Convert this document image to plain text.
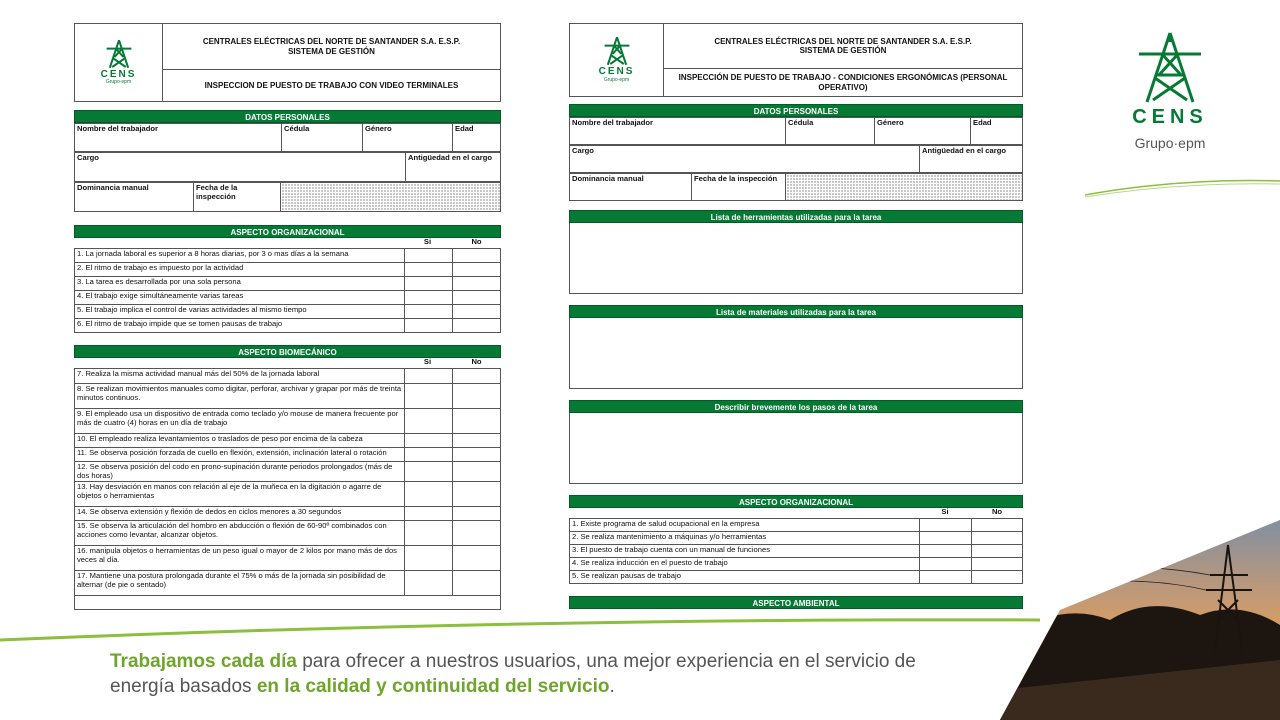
CENS
Grupo·epm
CENS
Grupo·epm

CENTRALES ELÉCTRICAS DEL NORTE DE SANTANDER S.A. E.S.P.
SISTEMA DE GESTIÓN

INSPECCION DE PUESTO DE TRABAJO CON VIDEO TERMINALES
DATOS PERSONALES
Nombre del trabajador	Cédula	Género	Edad
Cargo	Antigüedad en el cargo
Dominancia manual	Fecha de la inspección	
ASPECTO ORGANIZACIONAL
	Si	No
1. La jornada laboral es superior a 8 horas diarias, por 3 o mas días a la semana		
2. El ritmo de trabajo es impuesto por la actividad		
3. La tarea es desarrollada por una sola persona		
4. El trabajo exige simultáneamente varias tareas		
5. El trabajo implica el control de varias actividades al mismo tiempo		
6. El ritmo de trabajo impide que se tomen pausas de trabajo		
ASPECTO BIOMECÁNICO
	Si	No
7. Realiza la misma actividad manual más del 50% de la jornada laboral		
8. Se realizan movimientos manuales como digitar, perforar, archivar y grapar por más de treinta minutos continuos.		
9. El empleado usa un dispositivo de entrada como teclado y/o mouse de manera frecuente por más de cuatro (4) horas en un día de trabajo		
10. El empleado realiza levantamientos o traslados de peso por encima de la cabeza		
11. Se observa posición forzada de cuello en flexión, extensión, inclinación lateral o rotación		
12. Se observa posición del codo en prono-supinación durante periodos prolongados (más de dos horas)		
13. Hay desviación en manos con relación al eje de la muñeca en la digitación o agarre de objetos o herramientas		
14. Se observa extensión y flexión de dedos en ciclos menores a 30 segundos		
15. Se observa la articulación del hombro en abducción o flexión de 60-90º combinados con acciones como levantar, alcanzar objetos.		
16. manipula objetos o herramientas de un peso igual o mayor de 2 kilos por mano más de dos veces al día.		
17. Mantiene una postura prolongada durante el 75% o más de la jornada sin posibilidad de alternar (de pie o sentado)		
CENS
Grupo·epm

CENTRALES ELÉCTRICAS DEL NORTE DE SANTANDER S.A. E.S.P.
SISTEMA DE GESTIÓN

INSPECCIÓN DE PUESTO DE TRABAJO - CONDICIONES ERGONÓMICAS (PERSONAL OPERATIVO)
DATOS PERSONALES
Nombre del trabajador	Cédula	Género	Edad
Cargo	Antigüedad en el cargo
Dominancia manual	Fecha de la inspección	
Lista de herramientas utilizadas para la tarea
Lista de materiales utilizadas para la tarea
Describir brevemente los pasos de la tarea
ASPECTO ORGANIZACIONAL
	Si	No
1. Existe programa de salud ocupacional en la empresa		
2. Se realiza mantenimiento a máquinas y/o herramientas		
3. El puesto de trabajo cuenta con un manual de funciones		
4. Se realiza inducción en el puesto de trabajo		
5. Se realizan pausas de trabajo		
ASPECTO AMBIENTAL
Trabajamos cada día para ofrecer a nuestros usuarios, una mejor experiencia en el servicio de energía basados en la calidad y continuidad del servicio.
